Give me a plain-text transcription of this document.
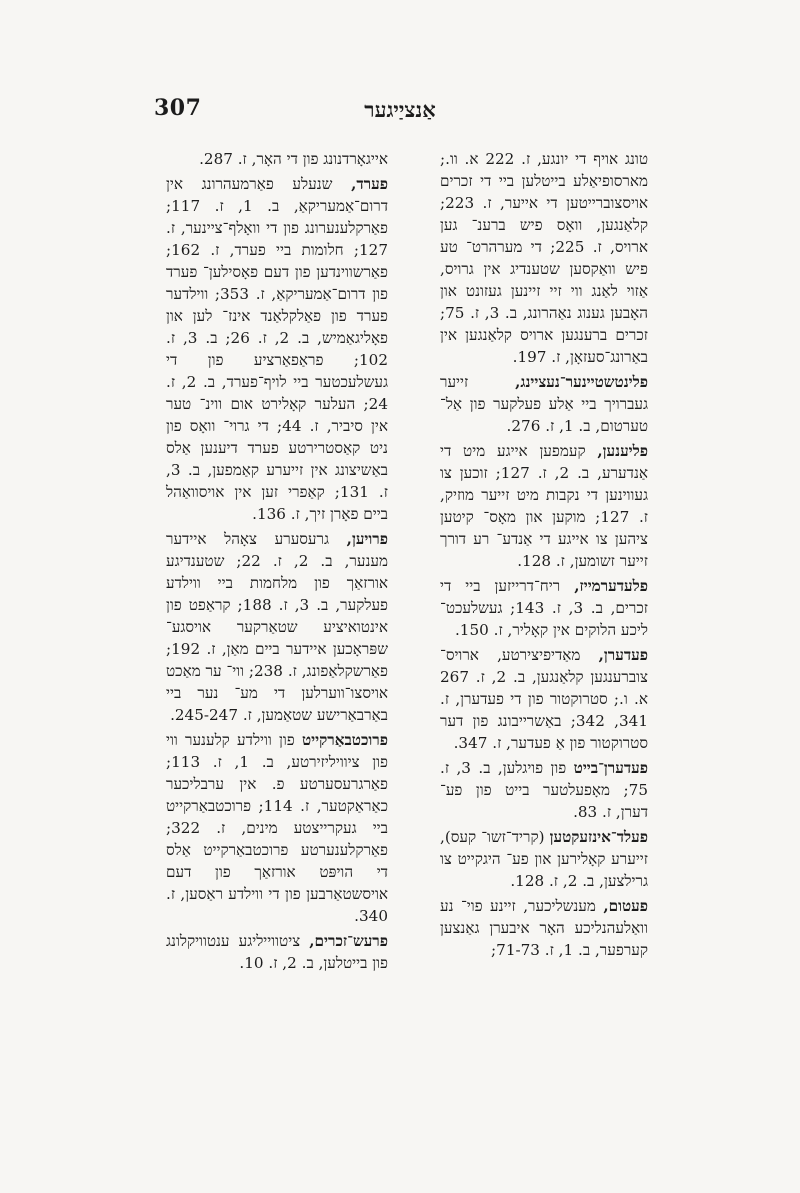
307	אַנציַיגער

טונג אויף די יונגע, ז. 222 א. וו.; מארסופיאַלע בייטלען ביי די זכרים אויסצוברייטען די אייער, ז. 223; קלאַנגען, וואָס פיש ברענ־ גען ארויס, ז. 225; די מערהרט־ טע פיש וואַקסען שטענדיג אין גרויס, אַזוי לאַנג ווי זיי זיינען געזונט און האָבען גענוג נאַהרונג, ב. 3, ז. 75; זכרים ברענגען ארויס קלאַנגען אין באַרונג־סעזאָן, ז. 197.

פלינטשטיינער־נעציינג, זייער געברויך ביי אַלע פעלקער פון אַל־ טערטום, ב. 1, ז. 276.

פליענען, קעמפען אייגע מיט די אַנדערע, ב. 2, ז. 127; זוכען צו געווינען די נקבות מיט זייער מוזיק, ז. 127; מוקען און מאָס־ קיטען ציהען צו אייגע די אַנדע־ רע דורך זייער זשומען, ז. 128.

פלעדערמייז, ריח־דרייזען ביי די זכרים, ב. 3, ז. 143; געשלעכט־ ליכע הלוקים אין קאָליר, ז. 150.

פעדערן, מאַדיפיצירטע, ארויס־ צוברענגען קלאַנגען, ב. 2, ז. 267 א. ו.; סטרוקטור פון די פעדערן, ז. 341, 342; באַשרייבונג פון דער סטרוקטור פון אַ פעדער, ז. 347.

פעדערן־בייט פון פויגלען, ב. 3, ז. 75; מאָפעלטער בייט פון פע־ דערן, ז. 83.

פעלד־אינזעקטען (קריד־זשו־ קעס), זייערע קאָלירען און פע־ היגקייט צו גרילצען, ב. 2, ז. 128.

פעטום, מענשליכער, זיינע פוי־ נע וואַלעהנליכע האָר איבערן גאַנצען קערפער, ב. 1, ז. 71-73;

אייגאָרדנונג פון די האָר, ז. 287.

פערד, שנעלע פאַרמעהרונג אין דרום־אַמעריקאַ, ב. 1, ז. 117; פאַרקלענערונג פון די וואָלף־ציינער, ז. 127; חלומות ביי פערד, ז. 162; פאַרשווינדען פון דעם פאָסילען־ פערד פון דרום־אַמעריקאַ, ז. 353; ווילדער פערד פון פאַלקלאַנד אינז־ לען און פאָליגאַמיש, ב. 2, ז. 26; ב. 3, ז. 102; פראַפאַרציע פון די געשלעכטער ביי לויף־פערד, ב. 2, ז. 24; העלער קאָלירט אום ווינ־ טער אין סיביר, ז. 44; די גרוי־ וואָס פון ניט קאַסטרירטע פערד דיענען אַלס באַשיצונג אין זייערע קאַמפען, ב. 3, ז. 131; קאַפרי זען אין אויסוואַהל ביים פאָרן זיך, ז. 136.

פרויען, גרעסערע צאָהל איידער מענער, ב. 2, ז. 22; שטענדיגע אורזאַך פון מלחמות ביי ווילדע פעלקער, ב. 3, ז. 188; קראַפט פון אינטואיציע שטאַרקער אויסגע־ שפּראָכען איידער ביים מאַן, ז. 192; פאַרשקלאַפונג, ז. 238; ווי־ ער מאַכט אויסצו־ווערלען די מע־ נער ביי באַרבאַרישע שטאַמען, ז. 245-247.

פרוכטבאַרקייט פון ווילדע קלענער ווי פון ציוויליזירטע, ב. 1, ז. 113; פאַרגרעסערטע פ. אין ערבליכער כאַראַקטער, ז. 114; פרוכטבאַרקייט ביי געקרייצטע מינים, ז. 322; פאַרקלענערטע פרוכטבאַרקייט אַלס די הויפּט אורזאַך פון דעם אויסשטאַרבען פון די ווילדע ראַסען, ז. 340.

פרעש־זכרים, ציטווייליגע ענטוויקלונג פון בייטלען, ב. 2, ז. 10.
